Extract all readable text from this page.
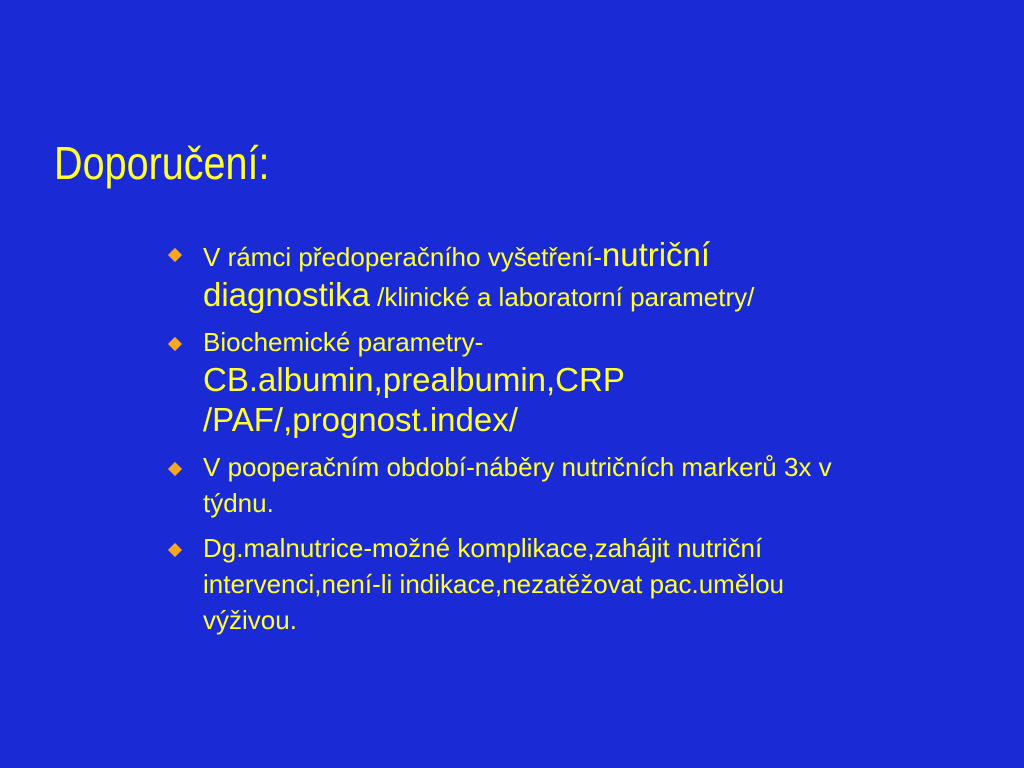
Doporučení:
V rámci předoperačního vyšetření-nutriční diagnostika /klinické a laboratorní parametry/
Biochemické parametry- CB.albumin,prealbumin,CRP /PAF/,prognost.index/
V pooperačním období-náběry nutričních markerů 3x v týdnu.
Dg.malnutrice-možné komplikace,zahájit nutriční intervenci,není-li indikace,nezatěžovat pac.umělou výživou.
